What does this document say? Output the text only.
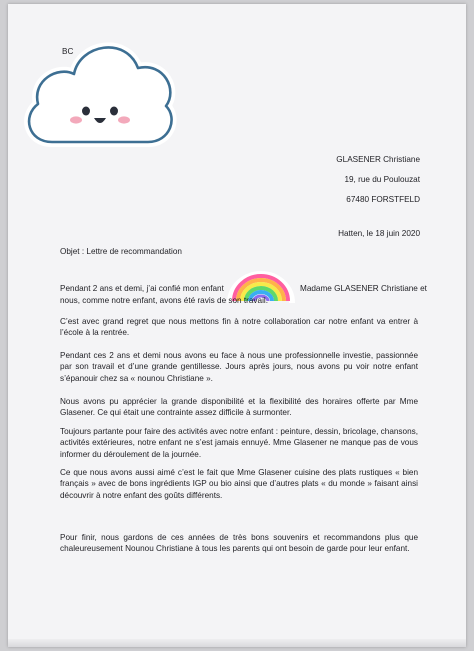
BC
GLASENER Christiane
19, rue du Poulouzat
67480 FORSTFELD
Hatten, le 18 juin 2020
Objet : Lettre de recommandation
Pendant 2 ans et demi, j’ai confié mon enfant	Madame GLASENER Christiane et
nous, comme notre enfant, avons été ravis de son travail.
C’est avec grand regret que nous mettons fin à notre collaboration car notre enfant va entrer à l’école à la rentrée.
Pendant ces 2 ans et demi nous avons eu face à nous une professionnelle investie, passionnée par son travail et d’une grande gentillesse. Jours après jours, nous avons pu voir notre enfant s’épanouir chez sa « nounou Christiane ».
Nous avons pu apprécier la grande disponibilité et la flexibilité des horaires offerte par Mme Glasener. Ce qui était une contrainte assez difficile à surmonter.
Toujours partante pour faire des activités avec notre enfant : peinture, dessin, bricolage, chansons, activités extérieures, notre enfant ne s’est jamais ennuyé. Mme Glasener ne manque pas de vous informer du déroulement de la journée.
Ce que nous avons aussi aimé c’est le fait que Mme Glasener cuisine des plats rustiques « bien français » avec de bons ingrédients IGP ou bio ainsi que d’autres plats « du monde » faisant ainsi découvrir à notre enfant des goûts différents.
Pour finir, nous gardons de ces années de très bons souvenirs et recommandons plus que chaleureusement Nounou Christiane à tous les parents qui ont besoin de garde pour leur enfant.
